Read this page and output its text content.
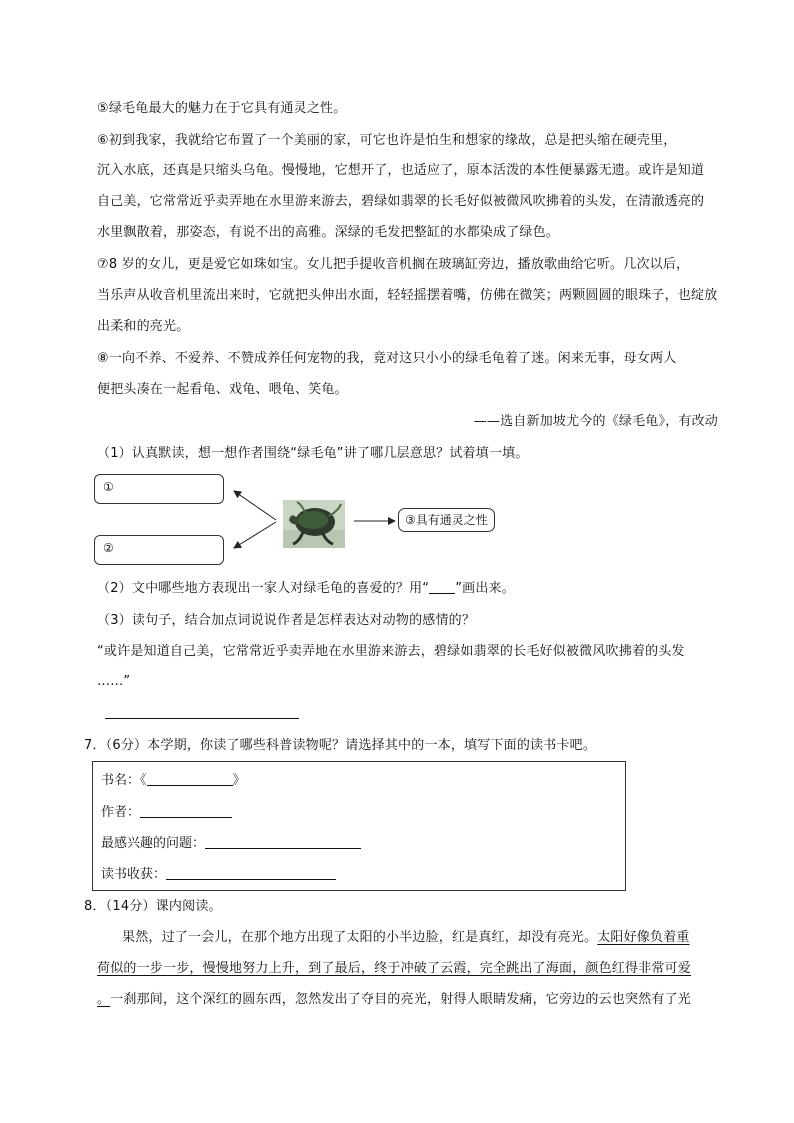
⑤绿毛龟最大的魅力在于它具有通灵之性。
⑥初到我家，我就给它布置了一个美丽的家，可它也许是怕生和想家的缘故，总是把头缩在硬壳里，
沉入水底，还真是只缩头乌龟。慢慢地，它想开了，也适应了，原本活泼的本性便暴露无遗。或许是知道
自己美，它常常近乎卖弄地在水里游来游去，碧绿如翡翠的长毛好似被微风吹拂着的头发，在清澈透亮的
水里飘散着，那姿态，有说不出的高雅。深绿的毛发把整缸的水都染成了绿色。
⑦8 岁的女儿，更是爱它如珠如宝。女儿把手提收音机搁在玻璃缸旁边，播放歌曲给它听。几次以后，
当乐声从收音机里流出来时，它就把头伸出水面，轻轻摇摆着嘴，仿佛在微笑；两颗圆圆的眼珠子，也绽放
出柔和的亮光。
⑧一向不养、不爱养、不赞成养任何宠物的我，竟对这只小小的绿毛龟着了迷。闲来无事，母女两人
便把头凑在一起看龟、戏龟、喂龟、笑龟。
——选自新加坡尤今的《绿毛龟》，有改动
（1）认真默读，想一想作者围绕“绿毛龟”讲了哪几层意思？试着填一填。
①
②
③具有通灵之性
（2）文中哪些地方表现出一家人对绿毛龟的喜爱的？用“ ”画出来。
（3）读句子，结合加点词说说作者是怎样表达对动物的感情的？
“或许是知道自己美，它常常近乎卖弄地在水里游来游去，碧绿如翡翠的长毛好似被微风吹拂着的头发
……”
7．（6分）本学期，你读了哪些科普读物呢？请选择其中的一本，填写下面的读书卡吧。
书名：《	》
作者：
最感兴趣的问题：
读书收获：
8．（14分）课内阅读。
果然，过了一会儿，在那个地方出现了太阳的小半边脸，红是真红，却没有亮光。太阳好像负着重
荷似的一步一步，慢慢地努力上升，到了最后，终于冲破了云霞，完全跳出了海面，颜色红得非常可爱
。一刹那间，这个深红的圆东西，忽然发出了夺目的亮光，射得人眼睛发痛，它旁边的云也突然有了光
